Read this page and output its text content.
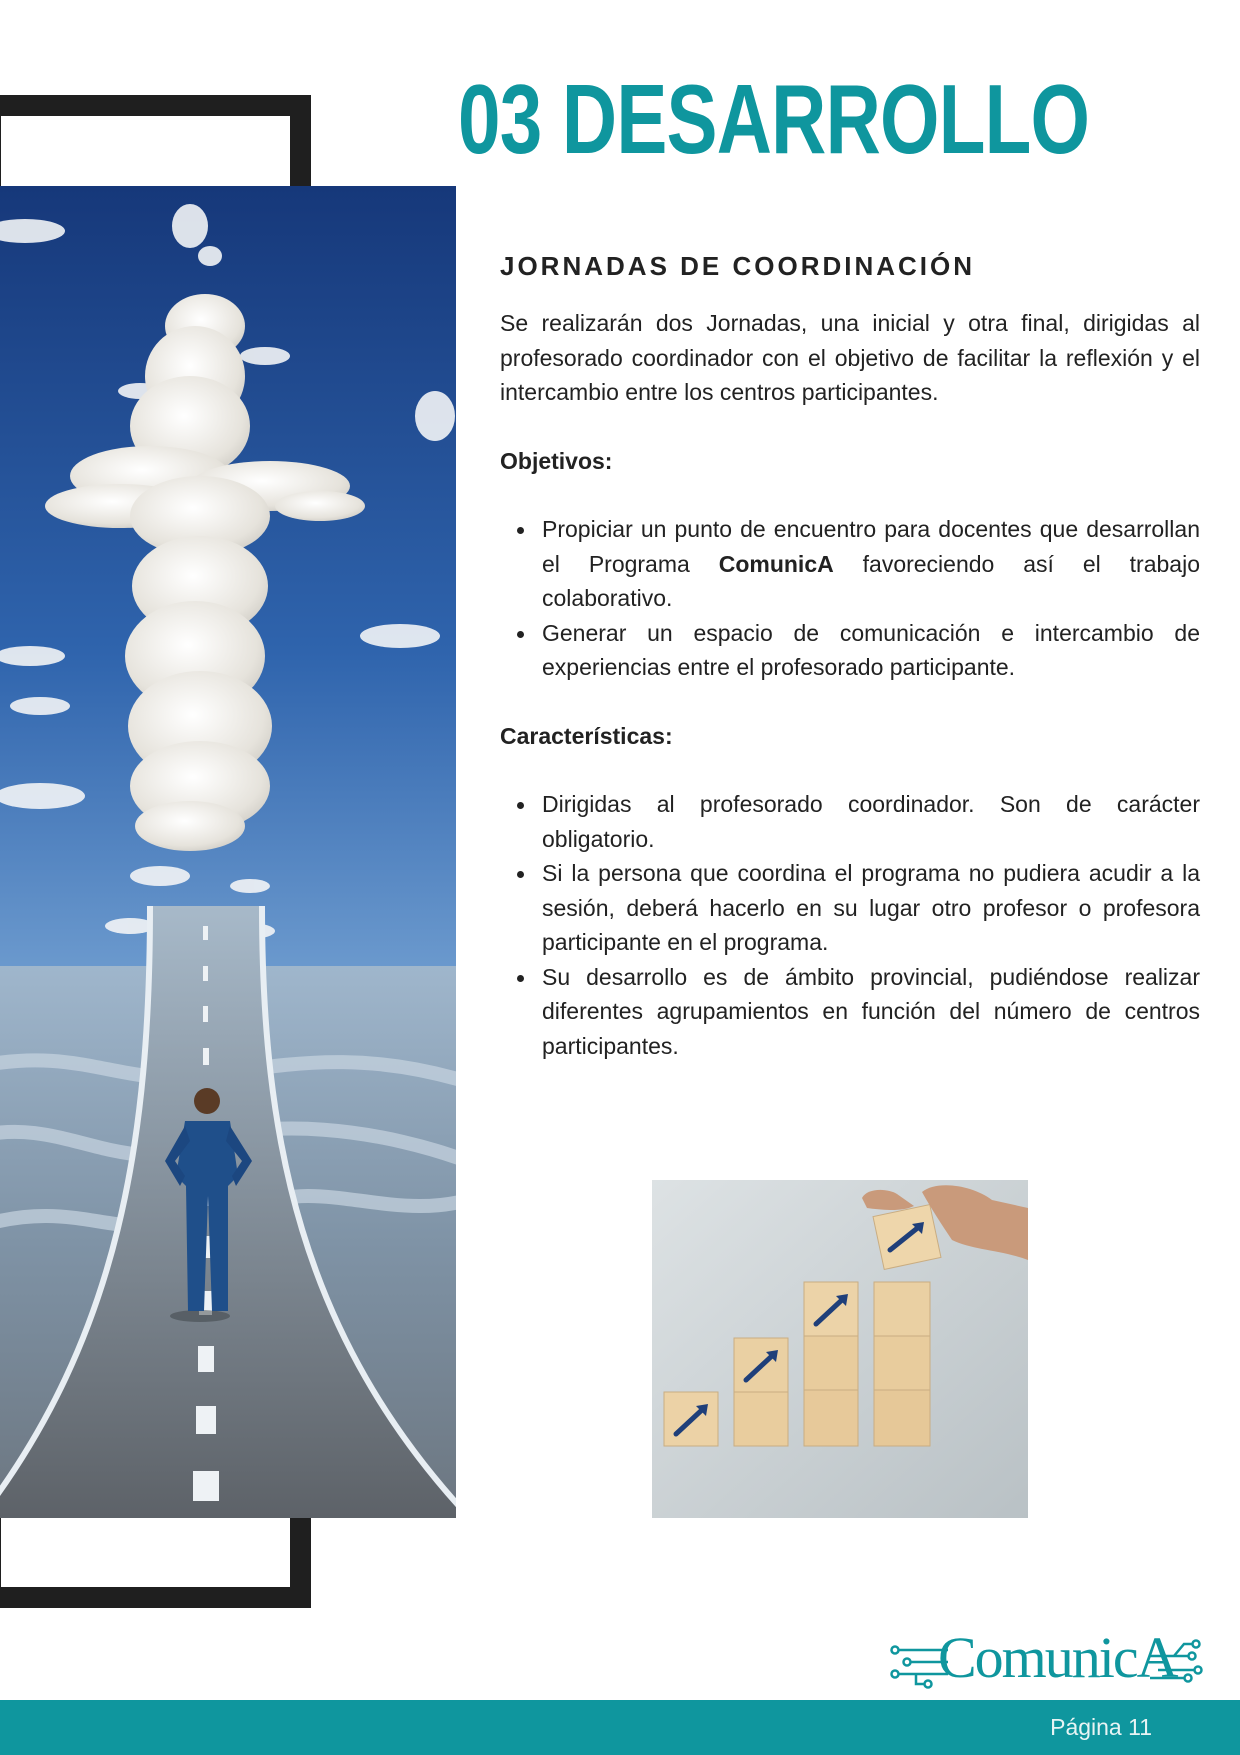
03 DESARROLLO
JORNADAS DE COORDINACIÓN

Se realizarán dos Jornadas, una inicial y otra final, dirigidas al profesorado coordinador con el objetivo de facilitar la reflexión y el intercambio entre los centros participantes.

Objetivos:

Propiciar un punto de encuentro para docentes que desarrollan el Programa ComunicA favoreciendo así el trabajo colaborativo.
Generar un espacio de comunicación e intercambio de experiencias entre el profesorado participante.

Características:

Dirigidas al profesorado coordinador. Son de carácter obligatorio.
Si la persona que coordina el programa no pudiera acudir a la sesión, deberá hacerlo en su lugar otro profesor o profesora participante en el programa.
Su desarrollo es de ámbito provincial, pudiéndose realizar diferentes agrupamientos en función del número de centros participantes.
ComunicA
Página 11
